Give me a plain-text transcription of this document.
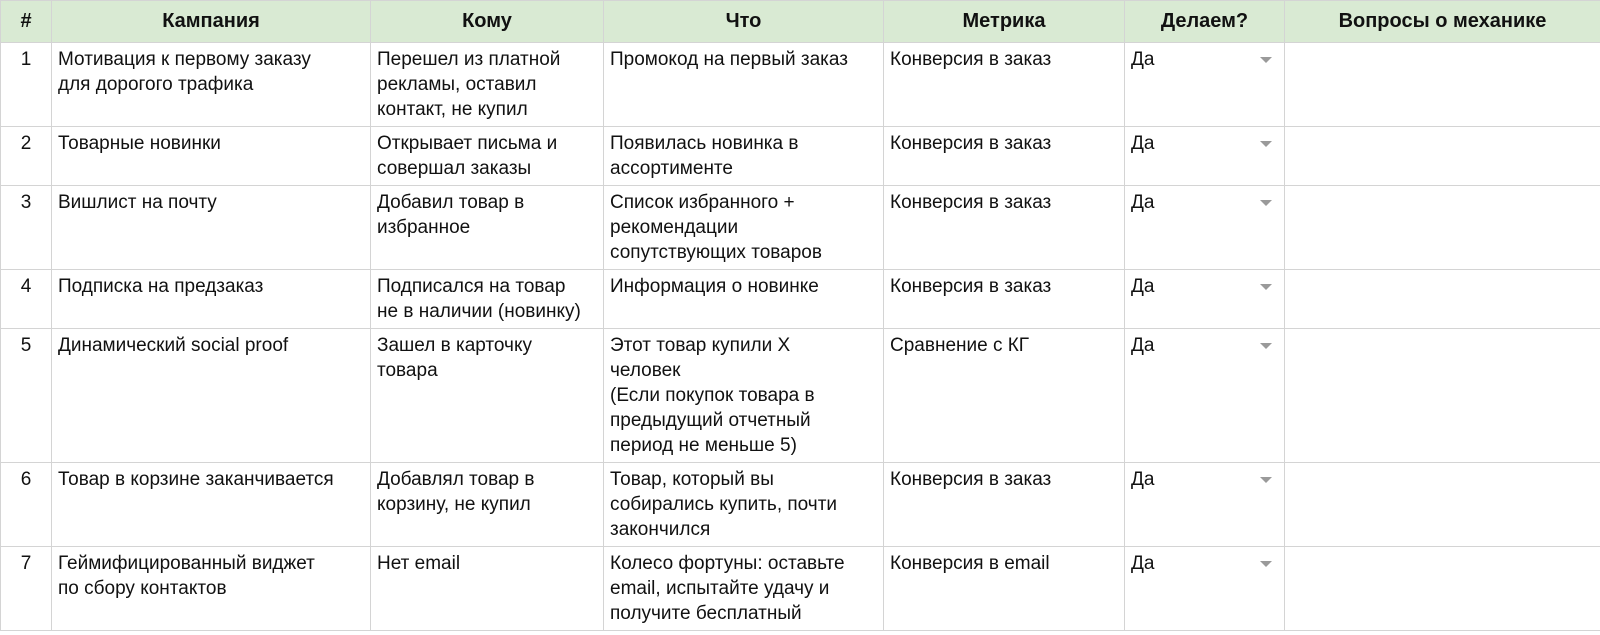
#	Кампания	Кому	Что	Метрика	Делаем?	Вопросы о механике

1	Мотивация к первому заказу
для дорогого трафика	Перешел из платной
рекламы, оставил
контакт, не купил	Промокод на первый заказ	Конверсия в заказ	Да	

2	Товарные новинки	Открывает письма и
совершал заказы	Появилась новинка в
ассортименте	Конверсия в заказ	Да	

3	Вишлист на почту	Добавил товар в
избранное	Список избранного +
рекомендации
сопутствующих товаров	Конверсия в заказ	Да	

4	Подписка на предзаказ	Подписался на товар
не в наличии (новинку)	Информация о новинке	Конверсия в заказ	Да	

5	Динамический social proof	Зашел в карточку
товара	Этот товар купили X
человек
(Если покупок товара в
предыдущий отчетный
период не меньше 5)	Сравнение с КГ	Да	

6	Товар в корзине заканчивается	Добавлял товар в
корзину, не купил	Товар, который вы
собирались купить, почти
закончился	Конверсия в заказ	Да	

7	Геймифицированный виджет
по сбору контактов	Нет email	Колесо фортуны: оставьте
email, испытайте удачу и
получите бесплатный	Конверсия в email	Да	
